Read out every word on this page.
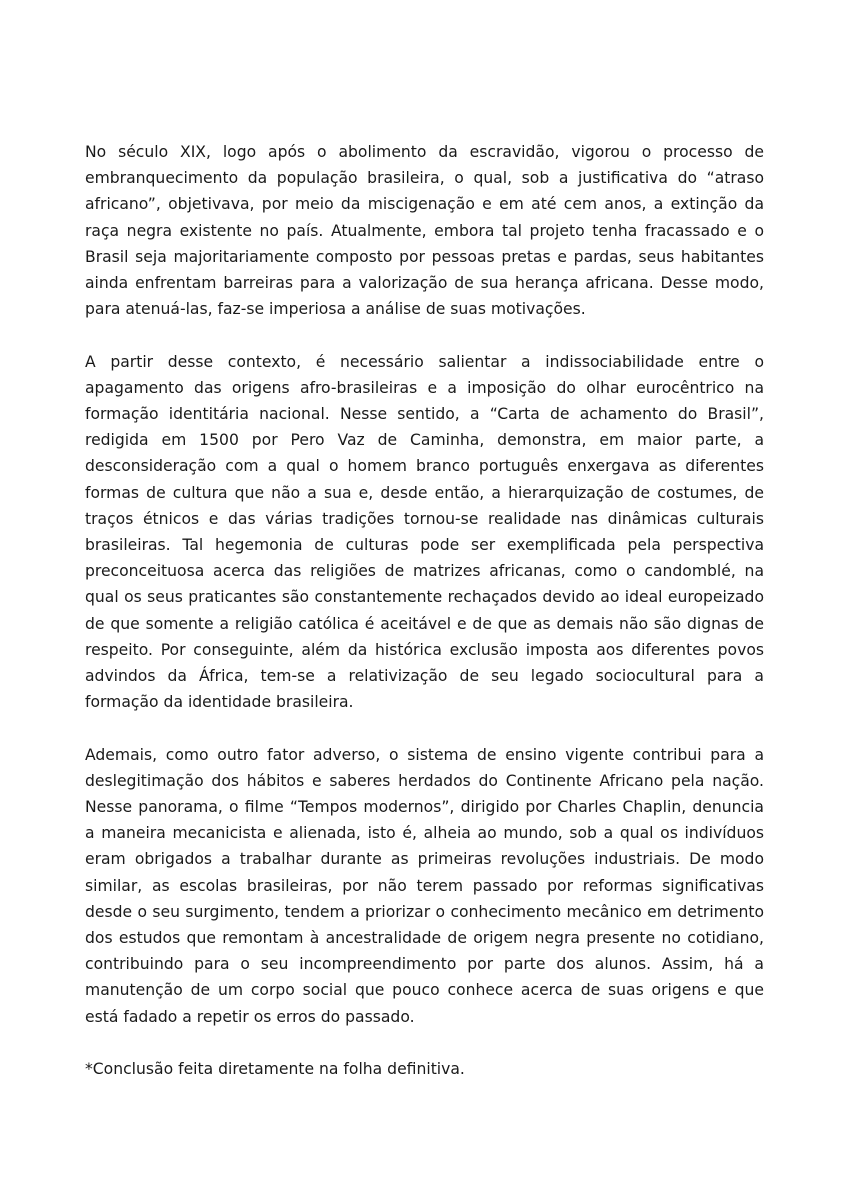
No século XIX, logo após o abolimento da escravidão, vigorou o processo de embranquecimento da população brasileira, o qual, sob a justificativa do “atraso africano”, objetivava, por meio da miscigenação e em até cem anos, a extinção da raça negra existente no país. Atualmente, embora tal projeto tenha fracassado e o Brasil seja majoritariamente composto por pessoas pretas e pardas, seus habitantes ainda enfrentam barreiras para a valorização de sua herança africana. Desse modo, para atenuá-las, faz-se imperiosa a análise de suas motivações.

A partir desse contexto, é necessário salientar a indissociabilidade entre o apagamento das origens afro-brasileiras e a imposição do olhar eurocêntrico na formação identitária nacional. Nesse sentido, a “Carta de achamento do Brasil”, redigida em 1500 por Pero Vaz de Caminha, demonstra, em maior parte, a desconsideração com a qual o homem branco português enxergava as diferentes formas de cultura que não a sua e, desde então, a hierarquização de costumes, de traços étnicos e das várias tradições tornou-se realidade nas dinâmicas culturais brasileiras. Tal hegemonia de culturas pode ser exemplificada pela perspectiva preconceituosa acerca das religiões de matrizes africanas, como o candomblé, na qual os seus praticantes são constantemente rechaçados devido ao ideal europeizado de que somente a religião católica é aceitável e de que as demais não são dignas de respeito. Por conseguinte, além da histórica exclusão imposta aos diferentes povos advindos da África, tem-se a relativização de seu legado sociocultural para a formação da identidade brasileira.

Ademais, como outro fator adverso, o sistema de ensino vigente contribui para a deslegitimação dos hábitos e saberes herdados do Continente Africano pela nação. Nesse panorama, o filme “Tempos modernos”, dirigido por Charles Chaplin, denuncia a maneira mecanicista e alienada, isto é, alheia ao mundo, sob a qual os indivíduos eram obrigados a trabalhar durante as primeiras revoluções industriais. De modo similar, as escolas brasileiras, por não terem passado por reformas significativas desde o seu surgimento, tendem a priorizar o conhecimento mecânico em detrimento dos estudos que remontam à ancestralidade de origem negra presente no cotidiano, contribuindo para o seu incompreendimento por parte dos alunos. Assim, há a manutenção de um corpo social que pouco conhece acerca de suas origens e que está fadado a repetir os erros do passado.

*Conclusão feita diretamente na folha definitiva.
